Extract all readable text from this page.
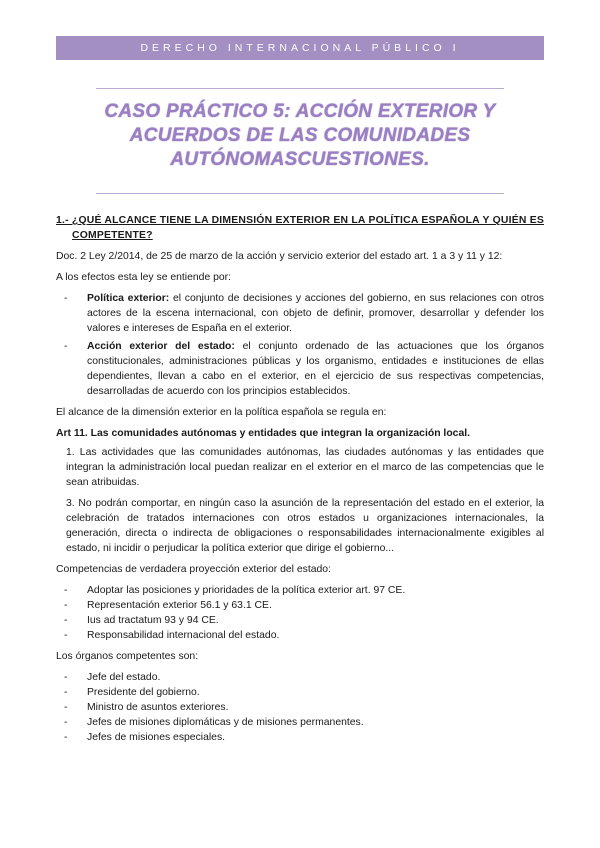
DERECHO INTERNACIONAL PÚBLICO I
CASO PRÁCTICO 5: ACCIÓN EXTERIOR Y
ACUERDOS DE LAS COMUNIDADES
AUTÓNOMASCUESTIONES.
1.- ¿QUÉ ALCANCE TIENE LA DIMENSIÓN EXTERIOR EN LA POLÍTICA ESPAÑOLA Y QUIÉN ES COMPETENTE?

Doc. 2 Ley 2/2014, de 25 de marzo de la acción y servicio exterior del estado art. 1 a 3 y 11 y 12:

A los efectos esta ley se entiende por:

- Política exterior: el conjunto de decisiones y acciones del gobierno, en sus relaciones con otros actores de la escena internacional, con objeto de definir, promover, desarrollar y defender los valores e intereses de España en el exterior.
- Acción exterior del estado: el conjunto ordenado de las actuaciones que los órganos constitucionales, administraciones públicas y los organismo, entidades e instituciones de ellas dependientes, llevan a cabo en el exterior, en el ejercicio de sus respectivas competencias, desarrolladas de acuerdo con los principios establecidos.

El alcance de la dimensión exterior en la política española se regula en:

Art 11. Las comunidades autónomas y entidades que integran la organización local.
1. Las actividades que las comunidades autónomas, las ciudades autónomas y las entidades que integran la administración local puedan realizar en el exterior en el marco de las competencias que le sean atribuidas.
3. No podrán comportar, en ningún caso la asunción de la representación del estado en el exterior, la celebración de tratados internaciones con otros estados u organizaciones internacionales, la generación, directa o indirecta de obligaciones o responsabilidades internacionalmente exigibles al estado, ni incidir o perjudicar la política exterior que dirige el gobierno...

Competencias de verdadera proyección exterior del estado:

- Adoptar las posiciones y prioridades de la política exterior art. 97 CE.
- Representación exterior 56.1 y 63.1 CE.
- Ius ad tractatum 93 y 94 CE.
- Responsabilidad internacional del estado.

Los órganos competentes son:

- Jefe del estado.
- Presidente del gobierno.
- Ministro de asuntos exteriores.
- Jefes de misiones diplomáticas y de misiones permanentes.
- Jefes de misiones especiales.
